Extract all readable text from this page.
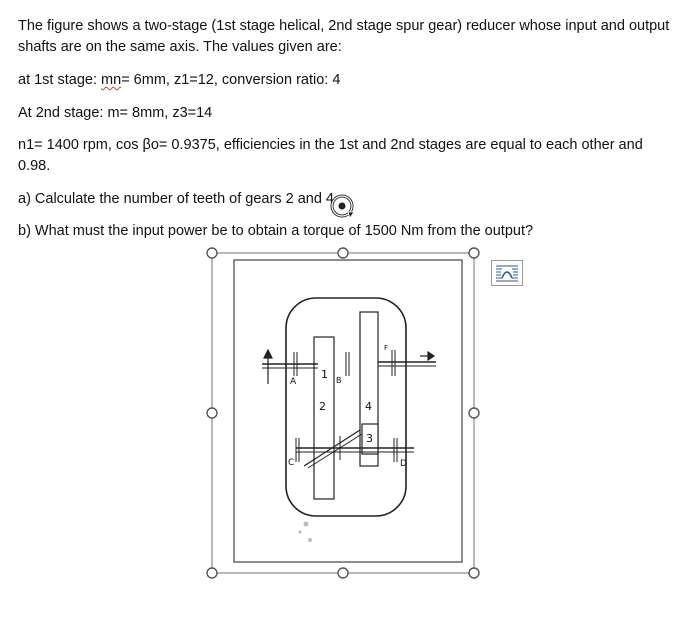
The figure shows a two-stage (1st stage helical, 2nd stage spur gear) reducer whose input and output

shafts are on the same axis. The values given are:

at 1st stage: mn= 6mm, z1=12, conversion ratio: 4

At 2nd stage: m= 8mm, z3=14

n1= 1400 rpm, cos βo= 0.9375, efficiencies in the 1st and 2nd stages are equal to each other and

0.98.

a) Calculate the number of teeth of gears 2 and 4

b) What must the input power be to obtain a torque of 1500 Nm from the output?

1
2	4
3
A	B
C	D
F
